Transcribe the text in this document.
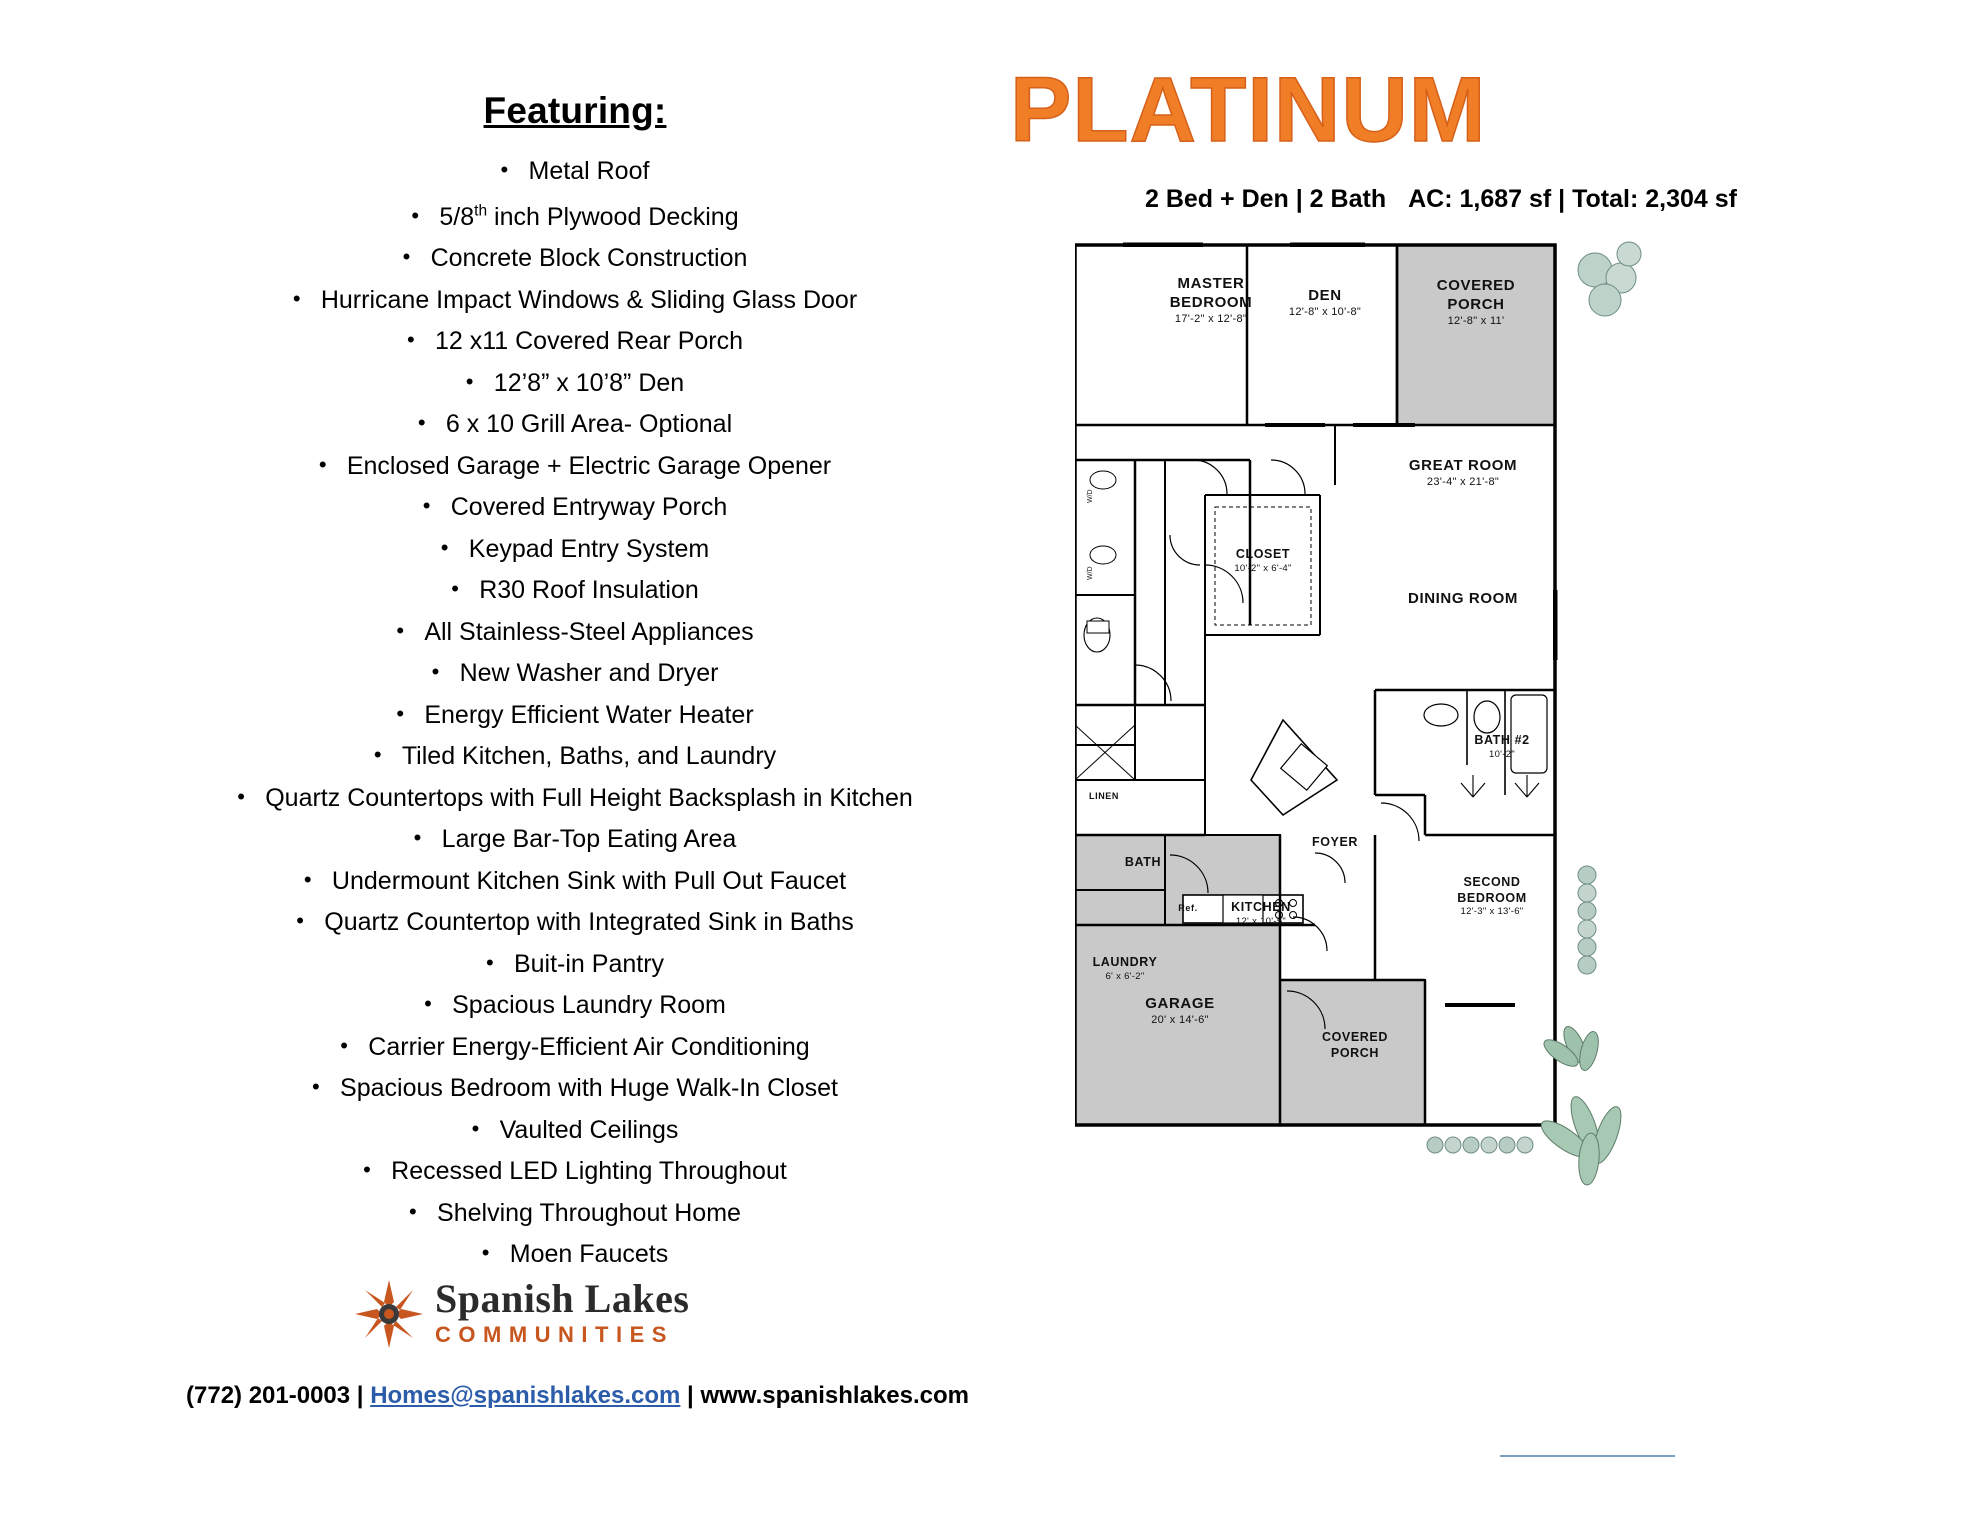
Featuring:
• Metal Roof
• 5/8th inch Plywood Decking
• Concrete Block Construction
• Hurricane Impact Windows & Sliding Glass Door
• 12 x11 Covered Rear Porch
• 12’8” x 10’8” Den
• 6 x 10 Grill Area- Optional
• Enclosed Garage + Electric Garage Opener
• Covered Entryway Porch
• Keypad Entry System
• R30 Roof Insulation
• All Stainless-Steel Appliances
• New Washer and Dryer
• Energy Efficient Water Heater
• Tiled Kitchen, Baths, and Laundry
• Quartz Countertops with Full Height Backsplash in Kitchen
• Large Bar-Top Eating Area
• Undermount Kitchen Sink with Pull Out Faucet
• Quartz Countertop with Integrated Sink in Baths
• Buit-in Pantry
• Spacious Laundry Room
• Carrier Energy-Efficient Air Conditioning
• Spacious Bedroom with Huge Walk-In Closet
• Vaulted Ceilings
• Recessed LED Lighting Throughout
• Shelving Throughout Home
• Moen Faucets
Spanish Lakes
COMMUNITIES
(772) 201-0003 | Homes@spanishlakes.com | www.spanishlakes.com
PLATINUM
2 Bed + Den | 2 Bath AC: 1,687 sf | Total: 2,304 sf
MASTER
BEDROOM
17'-2" x 12'-8"
DEN
12'-8" x 10'-8"
COVERED
PORCH
12'-8" x 11'
GREAT ROOM
23'-4" x 21'-8"
DINING ROOM
CLOSET
10'-2" x 6'-4"
LINEN
BATH
KITCHEN
12' x 10'-5"
LAUNDRY
6' x 6'-2"
BATH #2
10'-2"
FOYER
GARAGE
20' x 14'-6"
SECOND
BEDROOM
12'-3" x 13'-6"
COVERED
PORCH
Ref.
W/D
W/D
